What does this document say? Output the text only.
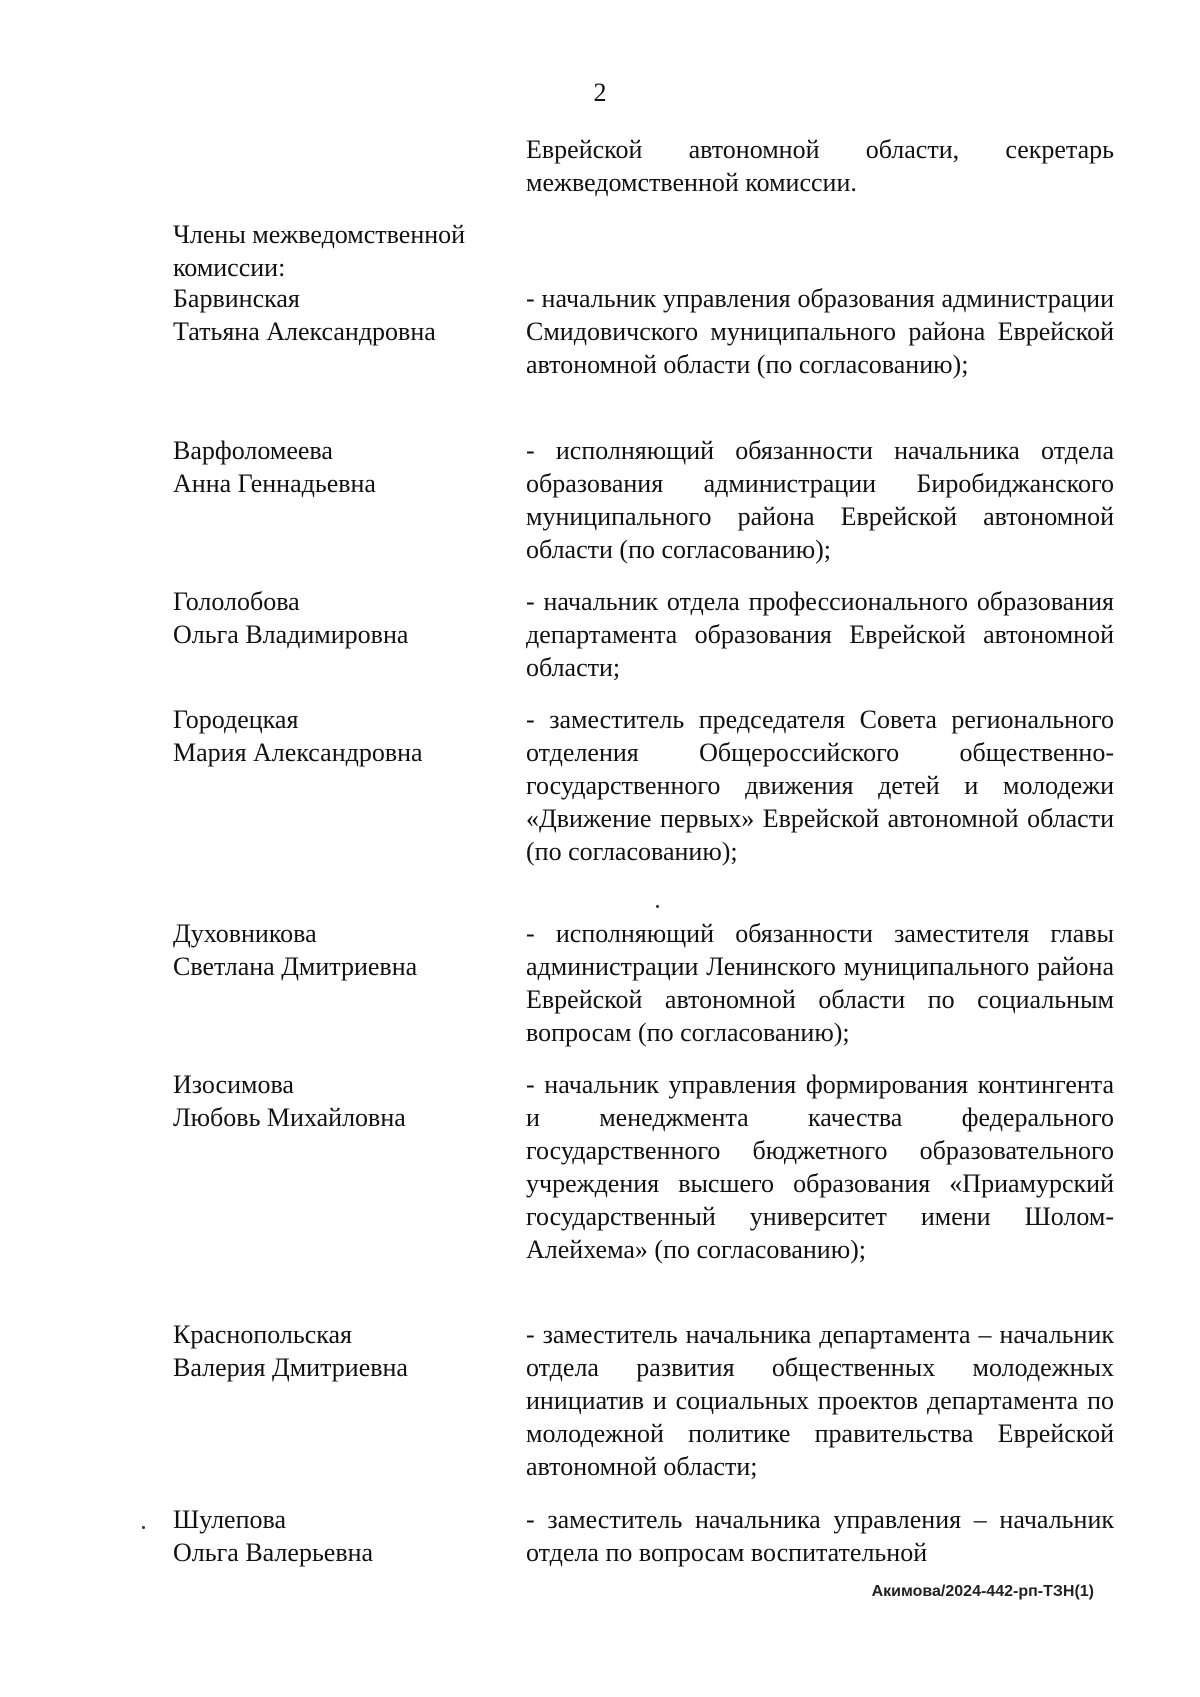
2
Еврейской автономной области, секретарь межведомственной комиссии.
Члены межведомственной
комиссии:
Барвинская
Татьяна Александровна
- начальник управления образования администрации Смидовичского муниципального района Еврейской автономной области (по согласованию);
Варфоломеева
Анна Геннадьевна
- исполняющий обязанности начальника отдела образования администрации Биробиджанского муниципального района Еврейской автономной области (по согласованию);
Гололобова
Ольга Владимировна
- начальник отдела профессионального образования департамента образования Еврейской автономной области;
Городецкая
Мария Александровна
- заместитель председателя Совета регионального отделения Общероссийского общественно-государственного движения детей и молодежи «Движение первых» Еврейской автономной области (по согласованию);
Духовникова
Светлана Дмитриевна
- исполняющий обязанности заместителя главы администрации Ленинского муниципального района Еврейской автономной области по социальным вопросам (по согласованию);
Изосимова
Любовь Михайловна
- начальник управления формирования контингента и менеджмента качества федерального государственного бюджетного образовательного учреждения высшего образования «Приамурский государственный университет имени Шолом-Алейхема» (по согласованию);
Краснопольская
Валерия Дмитриевна
- заместитель начальника департамента – начальник отдела развития общественных молодежных инициатив и социальных проектов департамента по молодежной политике правительства Еврейской автономной области;
Шулепова
Ольга Валерьевна
- заместитель начальника управления – начальник отдела по вопросам воспитательной
Акимова/2024-442-рп-ТЗН(1)
